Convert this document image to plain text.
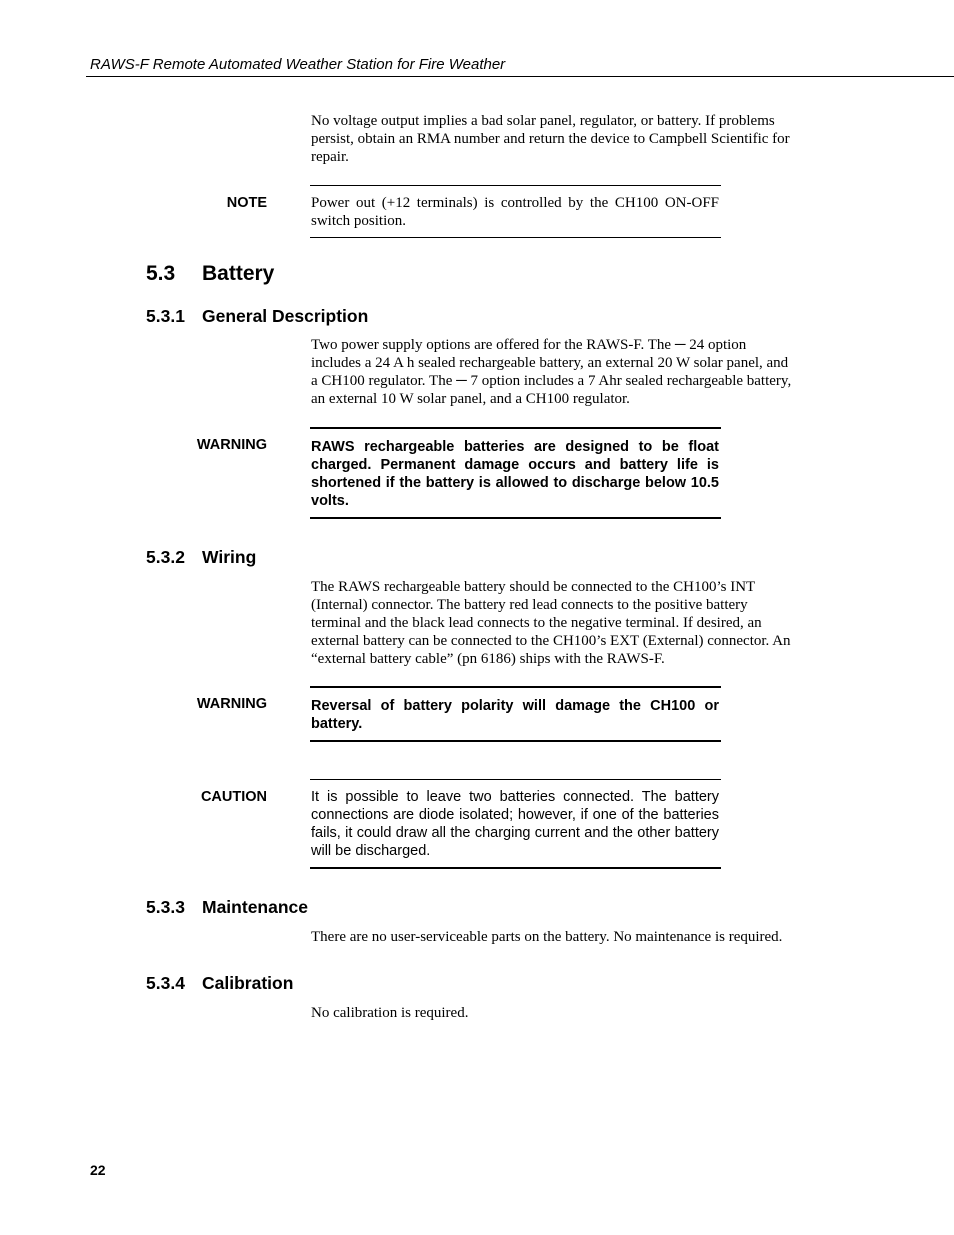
RAWS-F Remote Automated Weather Station for Fire Weather
No voltage output implies a bad solar panel, regulator, or battery. If problems persist, obtain an RMA number and return the device to Campbell Scientific for repair.
NOTE	Power out (+12 terminals) is controlled by the CH100 ON-OFF switch position.
5.3 Battery
5.3.1 General Description
Two power supply options are offered for the RAWS-F. The ─ 24 option includes a 24 A h sealed rechargeable battery, an external 20 W solar panel, and a CH100 regulator. The ─ 7 option includes a 7 Ahr sealed rechargeable battery, an external 10 W solar panel, and a CH100 regulator.
WARNING	RAWS rechargeable batteries are designed to be float charged. Permanent damage occurs and battery life is shortened if the battery is allowed to discharge below 10.5 volts.
5.3.2 Wiring
The RAWS rechargeable battery should be connected to the CH100’s INT (Internal) connector. The battery red lead connects to the positive battery terminal and the black lead connects to the negative terminal. If desired, an external battery can be connected to the CH100’s EXT (External) connector. An “external battery cable” (pn 6186) ships with the RAWS-F.
WARNING	Reversal of battery polarity will damage the CH100 or battery.
CAUTION	It is possible to leave two batteries connected. The battery connections are diode isolated; however, if one of the batteries fails, it could draw all the charging current and the other battery will be discharged.
5.3.3 Maintenance
There are no user-serviceable parts on the battery. No maintenance is required.
5.3.4 Calibration
No calibration is required.
22
